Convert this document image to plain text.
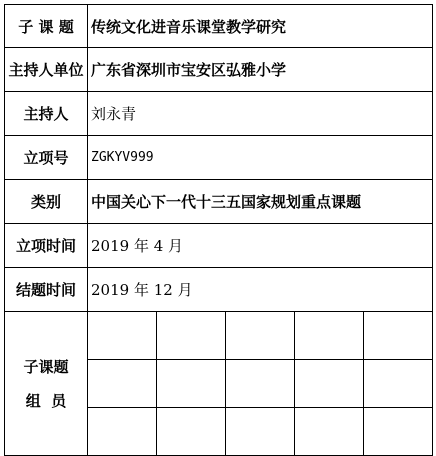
子 课 题	传统文化进音乐课堂教学研究				
主持人单位	广东省深圳市宝安区弘雅小学				
主持人	刘永青				
立项号	ZGKYV999				
类别	中国关心下一代十三五国家规划重点课题				
立项时间	2019 年 4 月				
结题时间	2019 年 12 月				

子课题
组  员					
